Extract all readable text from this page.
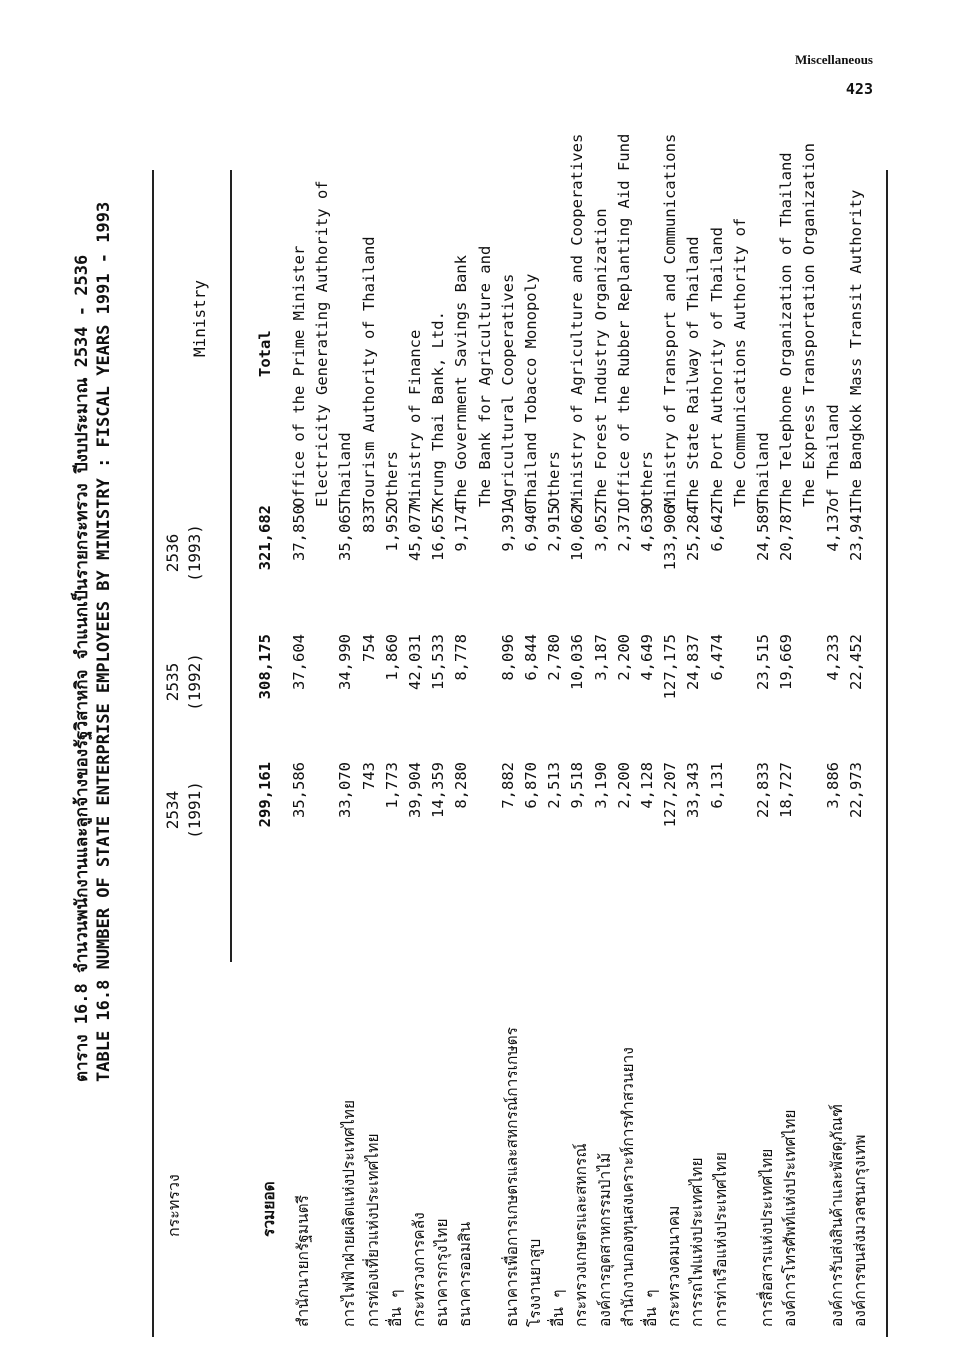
Miscellaneous
423
ตาราง 16.8 จำนวนพนักงานและลูกจ้างของรัฐวิสาหกิจ จำแนกเป็นรายกระทรวง ปีงบประมาณ 2534 - 2536 TABLE 16.8 NUMBER OF STATE ENTERPRISE EMPLOYEES BY MINISTRY : FISCAL YEARS 1991 - 1993
กระทรวง
2534 (1991)
2535 (1992)
2536 (1993)
Ministry
รวมยอด
299,161
308,175
321,682
Total
สำนักนายกรัฐมนตรี
35,586
37,604
37,850
Office of the Prime Minister Electricity Generating Authority of
การไฟฟ้าฝ่ายผลิตแห่งประเทศไทย
33,070
34,990
35,065
Thailand
การท่องเที่ยวแห่งประเทศไทย
743
754
833
Tourism Authority of Thailand
อื่น ๆ
1,773
1,860
1,952
Others
กระทรวงการคลัง
39,904
42,031
45,077
Ministry of Finance
ธนาคารกรุงไทย
14,359
15,533
16,657
Krung Thai Bank, Ltd.
ธนาคารออมสิน
8,280
8,778
9,174
The Government Savings Bank The Bank for Agriculture and
ธนาคารเพื่อการเกษตรและสหกรณ์การเกษตร
7,882
8,096
9,391
Agricultural Cooperatives
โรงงานยาสูบ
6,870
6,844
6,940
Thailand Tobacco Monopoly
อื่น ๆ
2,513
2,780
2,915
Others
กระทรวงเกษตรและสหกรณ์
9,518
10,036
10,062
Ministry of Agriculture and Cooperatives
องค์การอุตสาหกรรมป่าไม้
3,190
3,187
3,052
The Forest Industry Organization
สำนักงานกองทุนสงเคราะห์การทำสวนยาง
2,200
2,200
2,371
Office of the Rubber Replanting Aid Fund
อื่น ๆ
4,128
4,649
4,639
Others
กระทรวงคมนาคม
127,207
127,175
133,906
Ministry of Transport and Communications
การรถไฟแห่งประเทศไทย
33,343
24,837
25,284
The State Railway of Thailand
การท่าเรือแห่งประเทศไทย
6,131
6,474
6,642
The Port Authority of Thailand The Communications Authority of
การสื่อสารแห่งประเทศไทย
22,833
23,515
24,589
Thailand
องค์การโทรศัพท์แห่งประเทศไทย
18,727
19,669
20,787
The Telephone Organization of Thailand The Express Transportation Organization
องค์การรับส่งสินค้าและพัสดุภัณฑ์
3,886
4,233
4,137
of Thailand
องค์การขนส่งมวลชนกรุงเทพ
22,973
22,452
23,941
The Bangkok Mass Transit Authority
